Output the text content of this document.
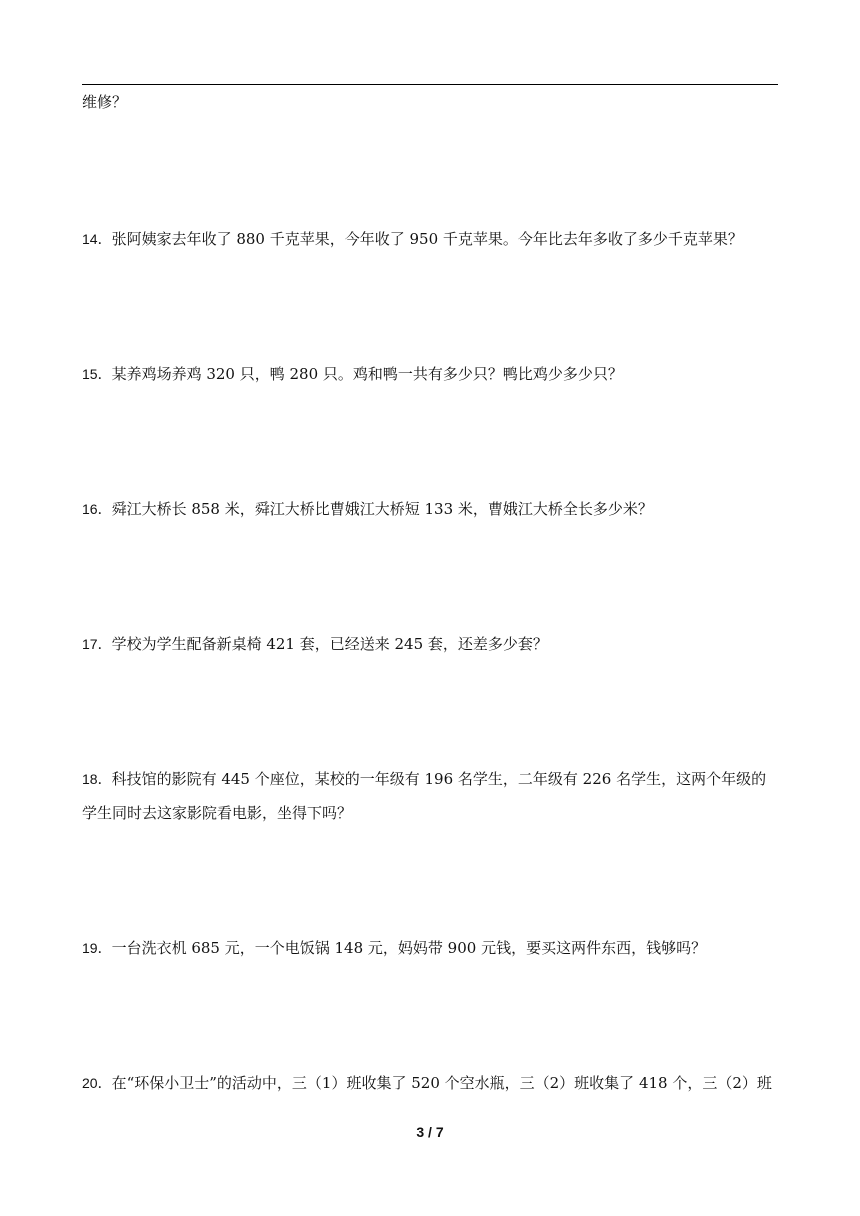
维修？
14．张阿姨家去年收了 880 千克苹果，今年收了 950 千克苹果。今年比去年多收了多少千克苹果？
15．某养鸡场养鸡 320 只，鸭 280 只。鸡和鸭一共有多少只？鸭比鸡少多少只？
16．舜江大桥长 858 米，舜江大桥比曹娥江大桥短 133 米，曹娥江大桥全长多少米？
17．学校为学生配备新桌椅 421 套，已经送来 245 套，还差多少套？
18．科技馆的影院有 445 个座位，某校的一年级有 196 名学生，二年级有 226 名学生，这两个年级的
学生同时去这家影院看电影，坐得下吗？
19．一台洗衣机 685 元，一个电饭锅 148 元，妈妈带 900 元钱，要买这两件东西，钱够吗？
20．在“环保小卫士”的活动中，三（1）班收集了 520 个空水瓶，三（2）班收集了 418 个，三（2）班
3 / 7
